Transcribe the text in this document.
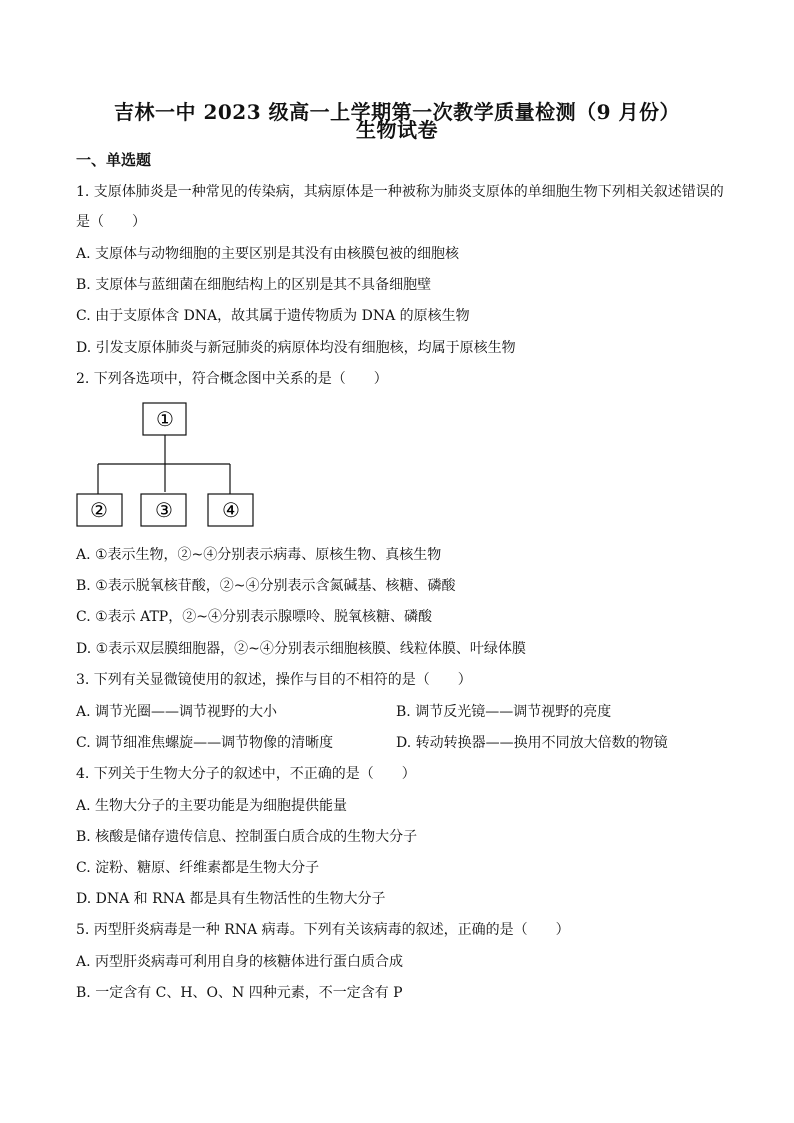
吉林一中 2023 级高一上学期第一次教学质量检测（9 月份）
生物试卷
一、单选题
1. 支原体肺炎是一种常见的传染病，其病原体是一种被称为肺炎支原体的单细胞生物下列相关叙述错误的
是（　　）
A. 支原体与动物细胞的主要区别是其没有由核膜包被的细胞核
B. 支原体与蓝细菌在细胞结构上的区别是其不具备细胞壁
C. 由于支原体含 DNA，故其属于遗传物质为 DNA 的原核生物
D. 引发支原体肺炎与新冠肺炎的病原体均没有细胞核，均属于原核生物
2. 下列各选项中，符合概念图中关系的是（　　）
①
② ③ ④
A. ①表示生物，②~④分别表示病毒、原核生物、真核生物
B. ①表示脱氧核苷酸，②~④分别表示含氮碱基、核糖、磷酸
C. ①表示 ATP，②~④分别表示腺嘌呤、脱氧核糖、磷酸
D. ①表示双层膜细胞器，②~④分别表示细胞核膜、线粒体膜、叶绿体膜
3. 下列有关显微镜使用的叙述，操作与目的不相符的是（　　）
A. 调节光圈——调节视野的大小	B. 调节反光镜——调节视野的亮度
C. 调节细准焦螺旋——调节物像的清晰度	D. 转动转换器——换用不同放大倍数的物镜
4. 下列关于生物大分子的叙述中，不正确的是（　　）
A. 生物大分子的主要功能是为细胞提供能量
B. 核酸是储存遗传信息、控制蛋白质合成的生物大分子
C. 淀粉、糖原、纤维素都是生物大分子
D. DNA 和 RNA 都是具有生物活性的生物大分子
5. 丙型肝炎病毒是一种 RNA 病毒。下列有关该病毒的叙述，正确的是（　　）
A. 丙型肝炎病毒可利用自身的核糖体进行蛋白质合成
B. 一定含有 C、H、O、N 四种元素，不一定含有 P
